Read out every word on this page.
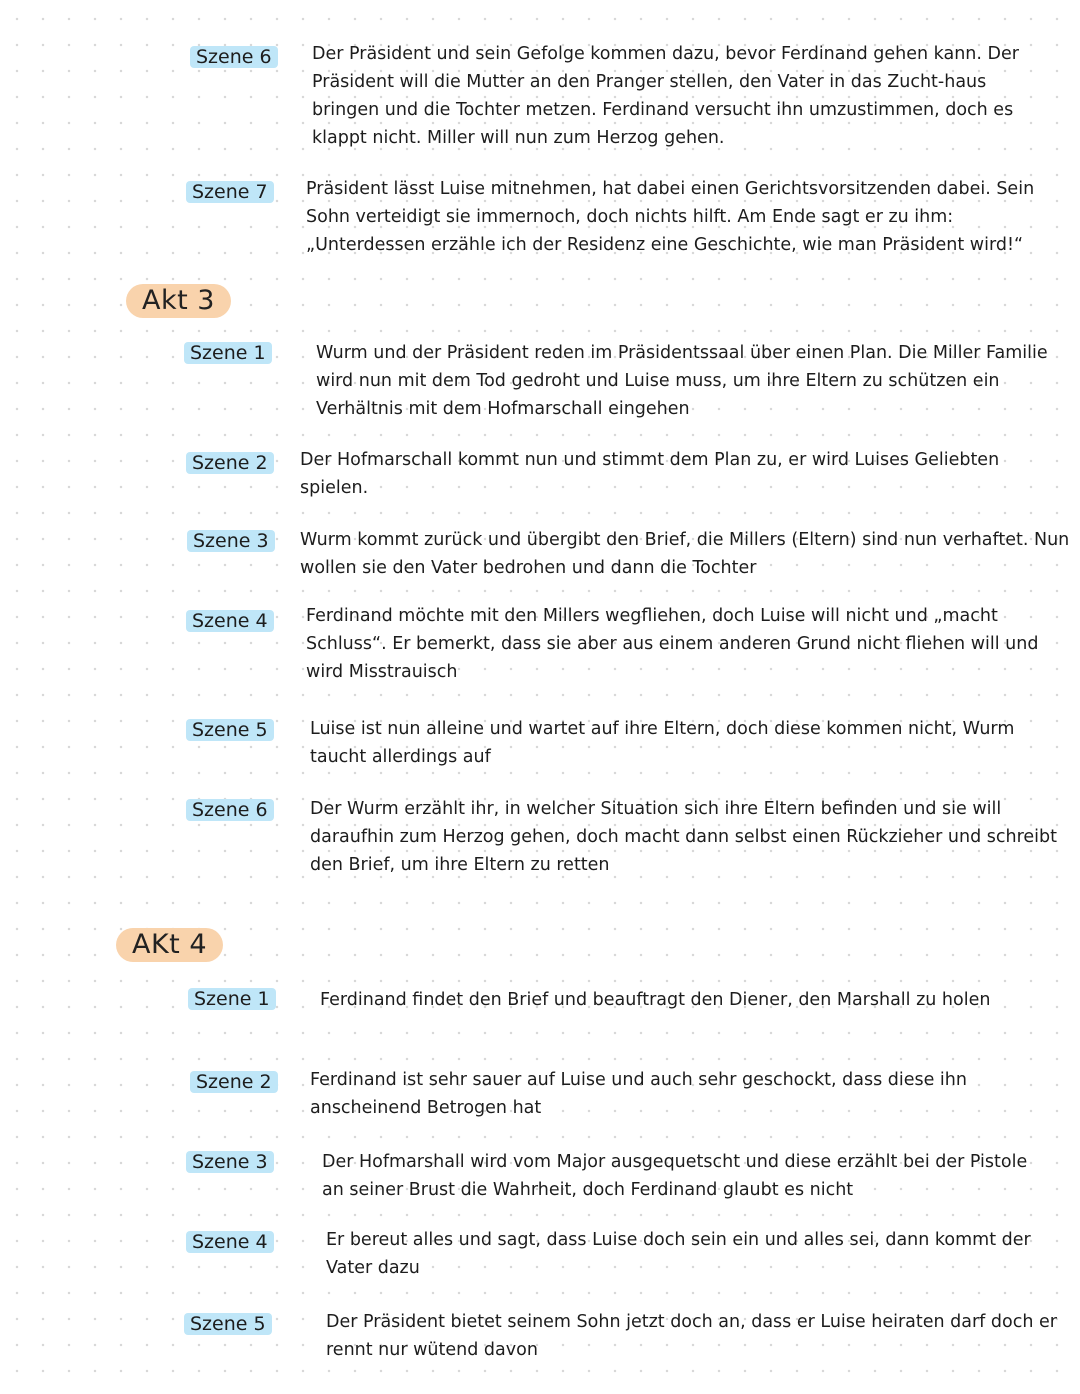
Szene 6	Der Präsident und sein Gefolge kommen dazu, bevor Ferdinand gehen kann. Der Präsident will die Mutter an den Pranger stellen, den Vater in das Zucht-haus bringen und die Tochter metzen. Ferdinand versucht ihn umzustimmen, doch es klappt nicht. Miller will nun zum Herzog gehen.
Szene 7	Präsident lässt Luise mitnehmen, hat dabei einen Gerichtsvorsitzenden dabei. Sein Sohn verteidigt sie immernoch, doch nichts hilft. Am Ende sagt er zu ihm: „Unterdessen erzähle ich der Residenz eine Geschichte, wie man Präsident wird!“
Akt 3
Szene 1	Wurm und der Präsident reden im Präsidentssaal über einen Plan. Die Miller Familie wird nun mit dem Tod gedroht und Luise muss, um ihre Eltern zu schützen ein Verhältnis mit dem Hofmarschall eingehen
Szene 2	Der Hofmarschall kommt nun und stimmt dem Plan zu, er wird Luises Geliebten spielen.
Szene 3	Wurm kommt zurück und übergibt den Brief, die Millers (Eltern) sind nun verhaftet. Nun wollen sie den Vater bedrohen und dann die Tochter
Szene 4	Ferdinand möchte mit den Millers wegfliehen, doch Luise will nicht und „macht Schluss“. Er bemerkt, dass sie aber aus einem anderen Grund nicht fliehen will und wird Misstrauisch
Szene 5	Luise ist nun alleine und wartet auf ihre Eltern, doch diese kommen nicht, Wurm taucht allerdings auf
Szene 6	Der Wurm erzählt ihr, in welcher Situation sich ihre Eltern befinden und sie will daraufhin zum Herzog gehen, doch macht dann selbst einen Rückzieher und schreibt den Brief, um ihre Eltern zu retten
AKt 4
Szene 1	Ferdinand findet den Brief und beauftragt den Diener, den Marshall zu holen
Szene 2	Ferdinand ist sehr sauer auf Luise und auch sehr geschockt, dass diese ihn anscheinend Betrogen hat
Szene 3	Der Hofmarshall wird vom Major ausgequetscht und diese erzählt bei der Pistole an seiner Brust die Wahrheit, doch Ferdinand glaubt es nicht
Szene 4	Er bereut alles und sagt, dass Luise doch sein ein und alles sei, dann kommt der Vater dazu
Szene 5	Der Präsident bietet seinem Sohn jetzt doch an, dass er Luise heiraten darf doch er rennt nur wütend davon
